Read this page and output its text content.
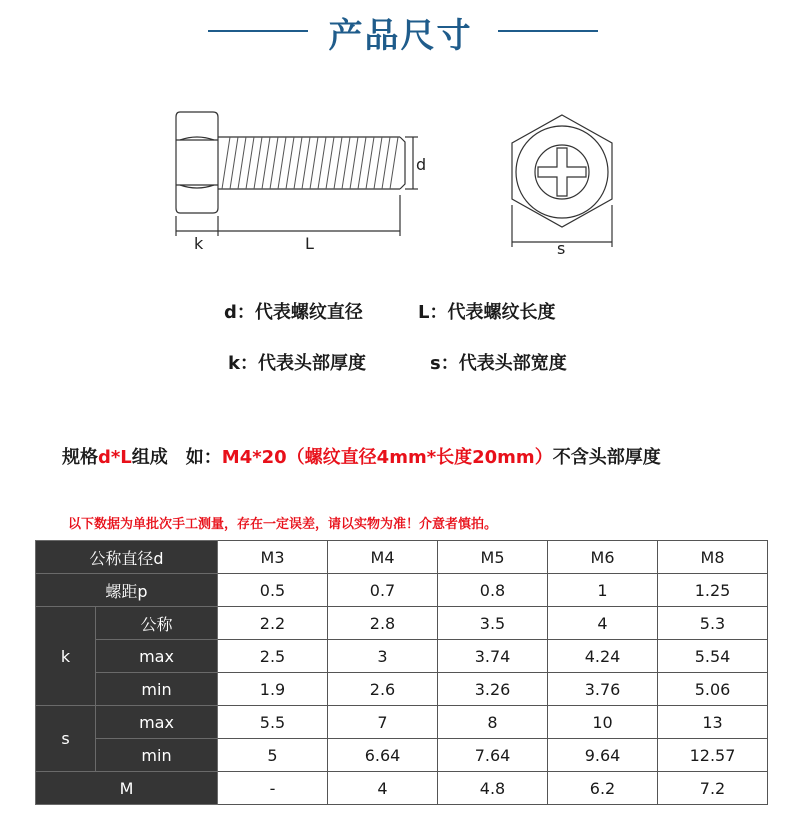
产品尺寸
d
k	L	s
d：代表螺纹直径	L：代表螺纹长度
k：代表头部厚度	s：代表头部宽度
规格d*L组成　如：M4*20（螺纹直径4mm*长度20mm）不含头部厚度
以下数据为单批次手工测量，存在一定误差，请以实物为准！介意者慎拍。
公称直径d		M3	M4	M5	M6	M8
螺距p		0.5	0.7	0.8	1	1.25
k	公称	2.2	2.8	3.5	4	5.3
	max	2.5	3	3.74	4.24	5.54
	min	1.9	2.6	3.26	3.76	5.06
s	max	5.5	7	8	10	13
	min	5	6.64	7.64	9.64	12.57
M		-	4	4.8	6.2	7.2
